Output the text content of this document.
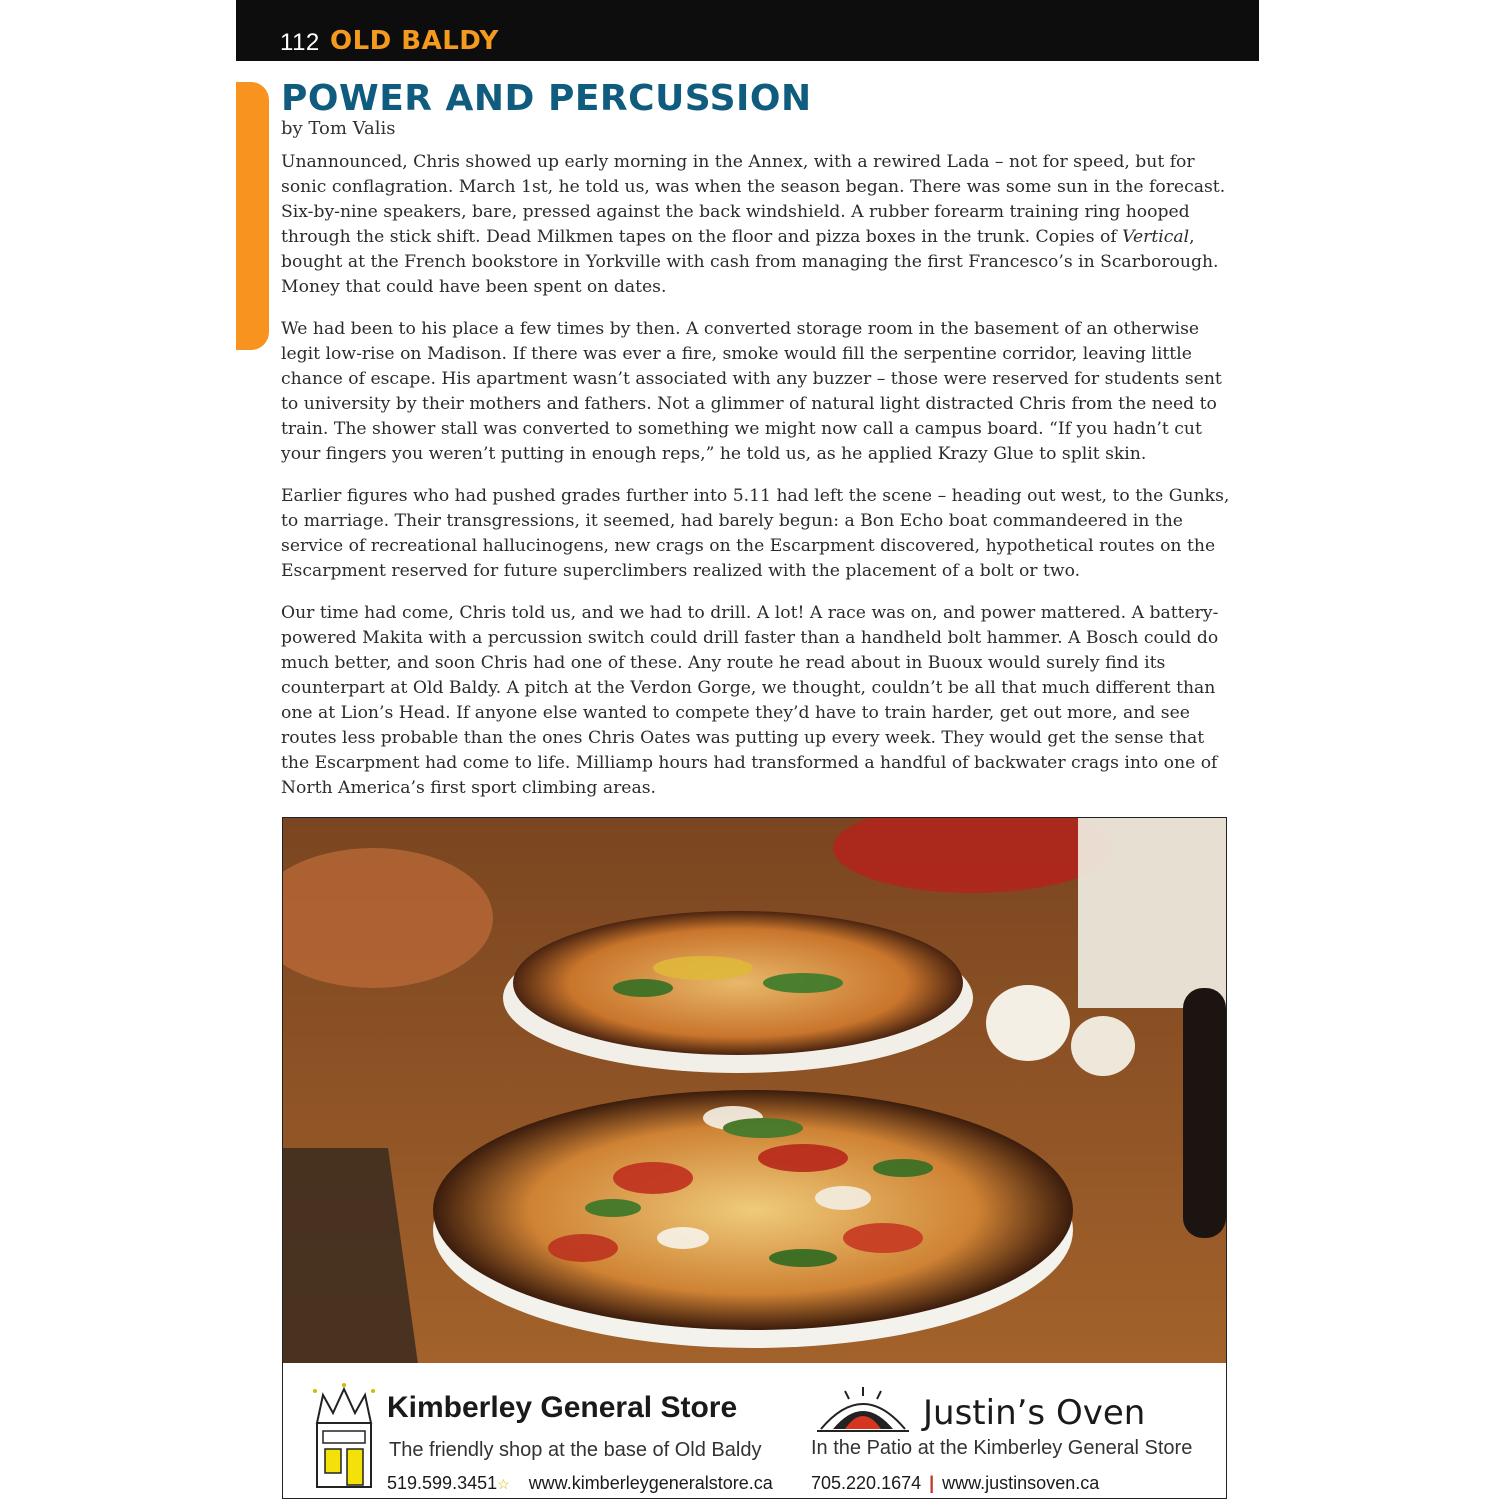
112 OLD BALDY
POWER AND PERCUSSION
by Tom Valis

Unannounced, Chris showed up early morning in the Annex, with a rewired Lada – not for speed, but for sonic conflagration. March 1st, he told us, was when the season began. There was some sun in the forecast. Six-by-nine speakers, bare, pressed against the back windshield. A rubber forearm training ring hooped through the stick shift. Dead Milkmen tapes on the floor and pizza boxes in the trunk. Copies of Vertical, bought at the French bookstore in Yorkville with cash from managing the first Francesco’s in Scarborough. Money that could have been spent on dates.

We had been to his place a few times by then. A converted storage room in the basement of an otherwise legit low-rise on Madison. If there was ever a fire, smoke would fill the serpentine corridor, leaving little chance of escape. His apartment wasn’t associated with any buzzer – those were reserved for students sent to university by their mothers and fathers. Not a glimmer of natural light distracted Chris from the need to train. The shower stall was converted to something we might now call a campus board. “If you hadn’t cut your fingers you weren’t putting in enough reps,” he told us, as he applied Krazy Glue to split skin.

Earlier figures who had pushed grades further into 5.11 had left the scene – heading out west, to the Gunks, to marriage. Their transgressions, it seemed, had barely begun: a Bon Echo boat commandeered in the service of recreational hallucinogens, new crags on the Escarpment discovered, hypothetical routes on the Escarpment reserved for future superclimbers realized with the placement of a bolt or two.

Our time had come, Chris told us, and we had to drill. A lot! A race was on, and power mattered. A battery-powered Makita with a percussion switch could drill faster than a handheld bolt hammer. A Bosch could do much better, and soon Chris had one of these. Any route he read about in Buoux would surely find its counterpart at Old Baldy. A pitch at the Verdon Gorge, we thought, couldn’t be all that much different than one at Lion’s Head. If anyone else wanted to compete they’d have to train harder, get out more, and see routes less probable than the ones Chris Oates was putting up every week. They would get the sense that the Escarpment had come to life. Milliamp hours had transformed a handful of backwater crags into one of North America’s first sport climbing areas.

Kimberley General Store
The friendly shop at the base of Old Baldy
519.599.3451☆ www.kimberleygeneralstore.ca
Justin’s Oven
In the Patio at the Kimberley General Store
705.220.1674 | www.justinsoven.ca
